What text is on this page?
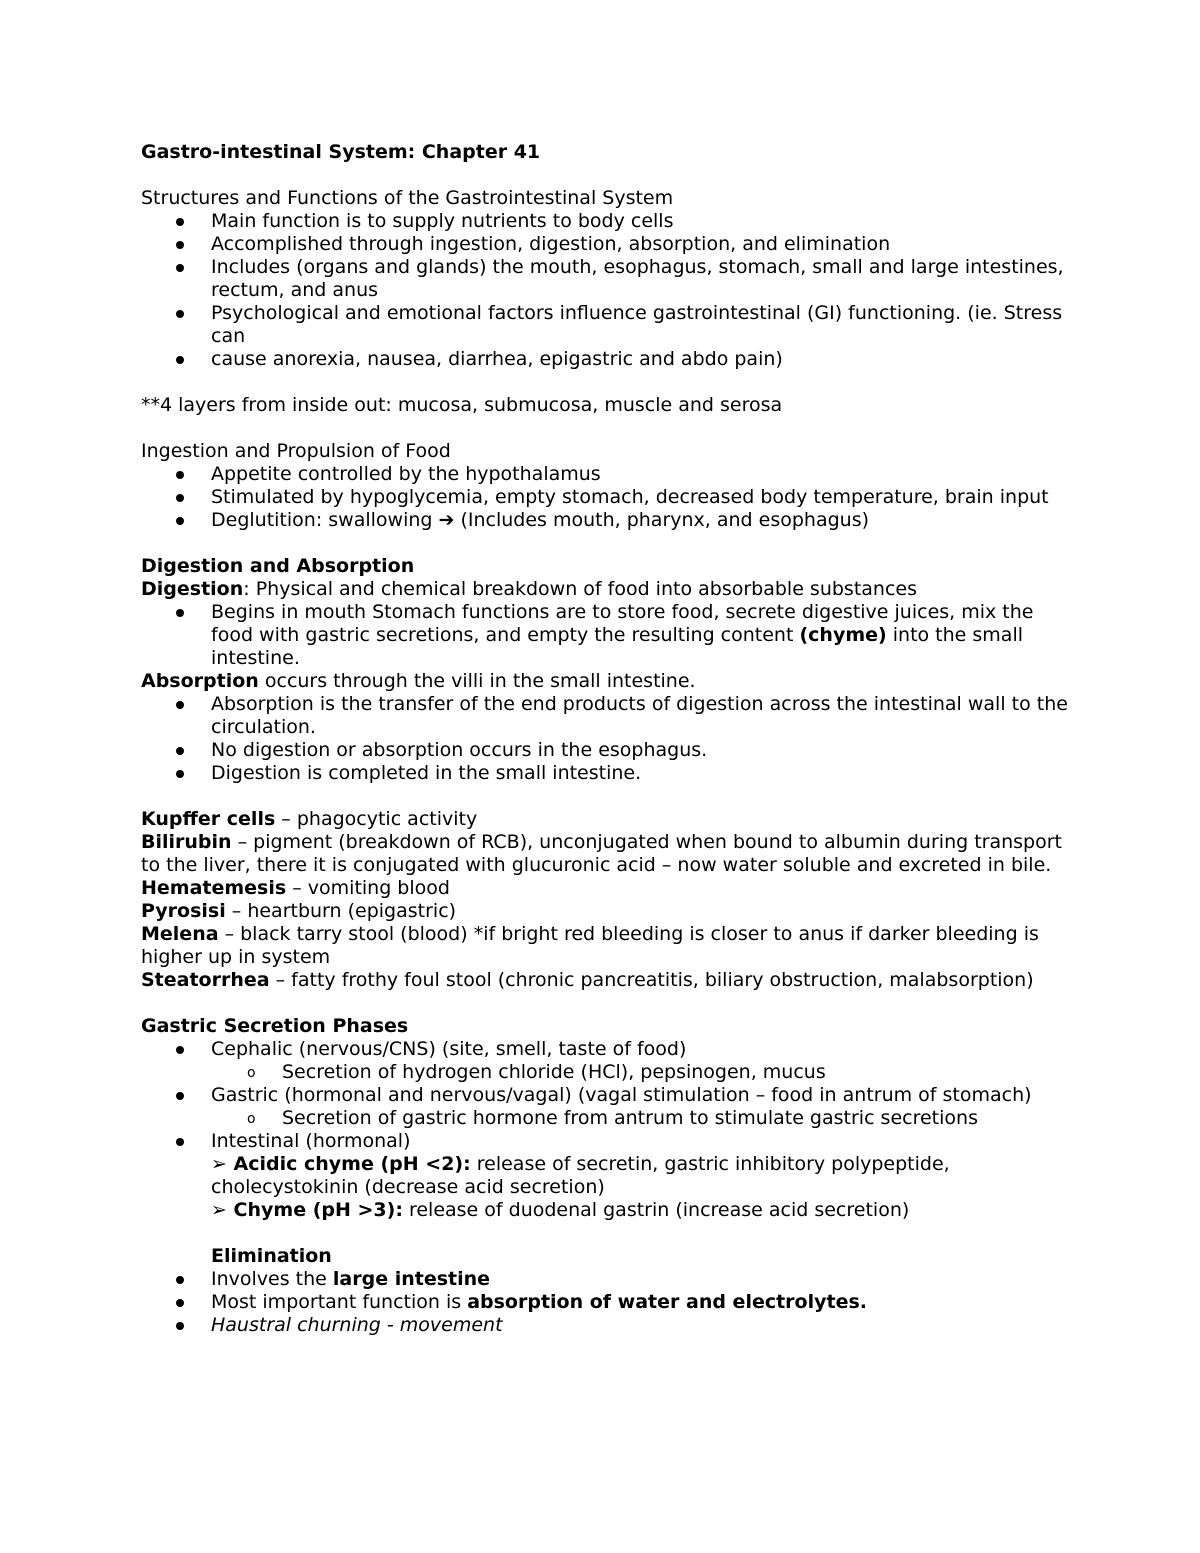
Gastro-intestinal System: Chapter 41

Structures and Functions of the Gastrointestinal System

Main function is to supply nutrients to body cells
Accomplished through ingestion, digestion, absorption, and elimination
Includes (organs and glands) the mouth, esophagus, stomach, small and large intestines, rectum, and anus
Psychological and emotional factors influence gastrointestinal (GI) functioning. (ie. Stress can
cause anorexia, nausea, diarrhea, epigastric and abdo pain)

**4 layers from inside out: mucosa, submucosa, muscle and serosa

Ingestion and Propulsion of Food

Appetite controlled by the hypothalamus
Stimulated by hypoglycemia, empty stomach, decreased body temperature, brain input
Deglutition: swallowing ➔ (Includes mouth, pharynx, and esophagus)

Digestion and Absorption

Digestion: Physical and chemical breakdown of food into absorbable substances

Begins in mouth Stomach functions are to store food, secrete digestive juices, mix the food with gastric secretions, and empty the resulting content (chyme) into the small intestine.

Absorption occurs through the villi in the small intestine.

Absorption is the transfer of the end products of digestion across the intestinal wall to the circulation.
No digestion or absorption occurs in the esophagus.
Digestion is completed in the small intestine.

Kupffer cells – phagocytic activity

Bilirubin – pigment (breakdown of RCB), unconjugated when bound to albumin during transport to the liver, there it is conjugated with glucuronic acid – now water soluble and excreted in bile.

Hematemesis – vomiting blood

Pyrosisi – heartburn (epigastric)

Melena – black tarry stool (blood) *if bright red bleeding is closer to anus if darker bleeding is higher up in system

Steatorrhea – fatty frothy foul stool (chronic pancreatitis, biliary obstruction, malabsorption)

Gastric Secretion Phases

Cephalic (nervous/CNS) (site, smell, taste of food)
o Secretion of hydrogen chloride (HCl), pepsinogen, mucus
Gastric (hormonal and nervous/vagal) (vagal stimulation – food in antrum of stomach)
o Secretion of gastric hormone from antrum to stimulate gastric secretions
Intestinal (hormonal)

➢ Acidic chyme (pH <2): release of secretin, gastric inhibitory polypeptide, cholecystokinin (decrease acid secretion)

➢ Chyme (pH >3): release of duodenal gastrin (increase acid secretion)

Elimination

Involves the large intestine
Most important function is absorption of water and electrolytes.
Haustral churning - movement
